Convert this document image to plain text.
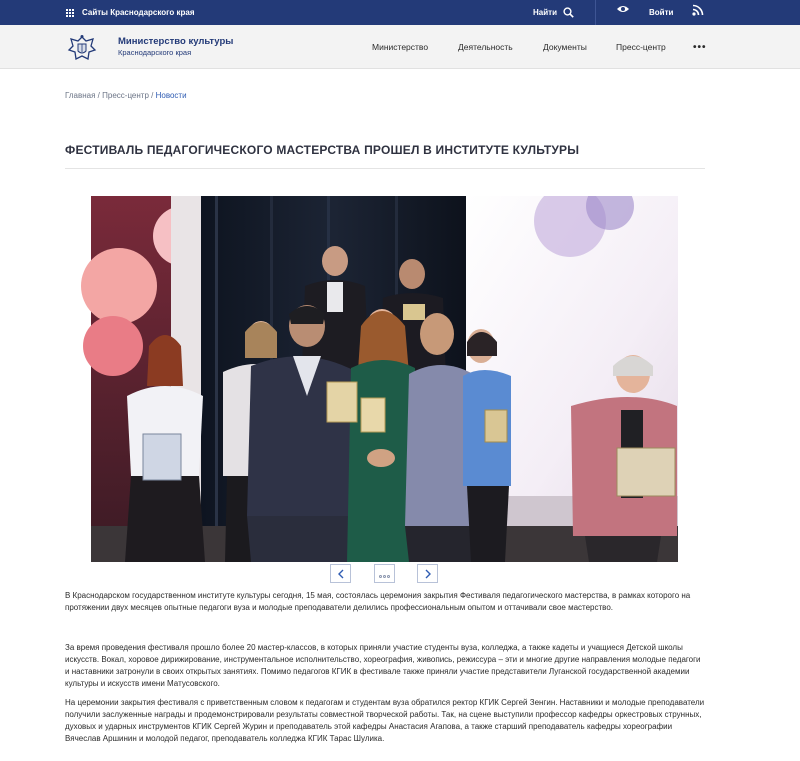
Сайты Краснодарского края	Найти	Войти
Министерство культуры
Краснодарского края
Министерство	Деятельность	Документы	Пресс-центр	•••
Главная / Пресс-центр / Новости
ФЕСТИВАЛЬ ПЕДАГОГИЧЕСКОГО МАСТЕРСТВА ПРОШЕЛ В ИНСТИТУТЕ КУЛЬТУРЫ

В Краснодарском государственном институте культуры сегодня, 15 мая, состоялась церемония закрытия Фестиваля педагогического мастерства, в рамках которого на протяжении двух месяцев опытные педагоги вуза и молодые преподаватели делились профессиональным опытом и оттачивали свое мастерство.

За время проведения фестиваля прошло более 20 мастер-классов, в которых приняли участие студенты вуза, колледжа, а также кадеты и учащиеся Детской школы искусств. Вокал, хоровое дирижирование, инструментальное исполнительство, хореография, живопись, режиссура – эти и многие другие направления молодые педагоги и наставники затронули в своих открытых занятиях. Помимо педагогов КГИК в фестивале также приняли участие представители Луганской государственной академии культуры и искусств имени Матусовского.

На церемонии закрытия фестиваля с приветственным словом к педагогам и студентам вуза обратился ректор КГИК Сергей Зенгин. Наставники и молодые преподаватели получили заслуженные награды и продемонстрировали результаты совместной творческой работы. Так, на сцене выступили профессор кафедры оркестровых струнных, духовых и ударных инструментов КГИК Сергей Журин и преподаватель этой кафедры Анастасия Агапова, а также старший преподаватель кафедры хореографии Вячеслав Аршинин и молодой педагог, преподаватель колледжа КГИК Тарас Шулика.
